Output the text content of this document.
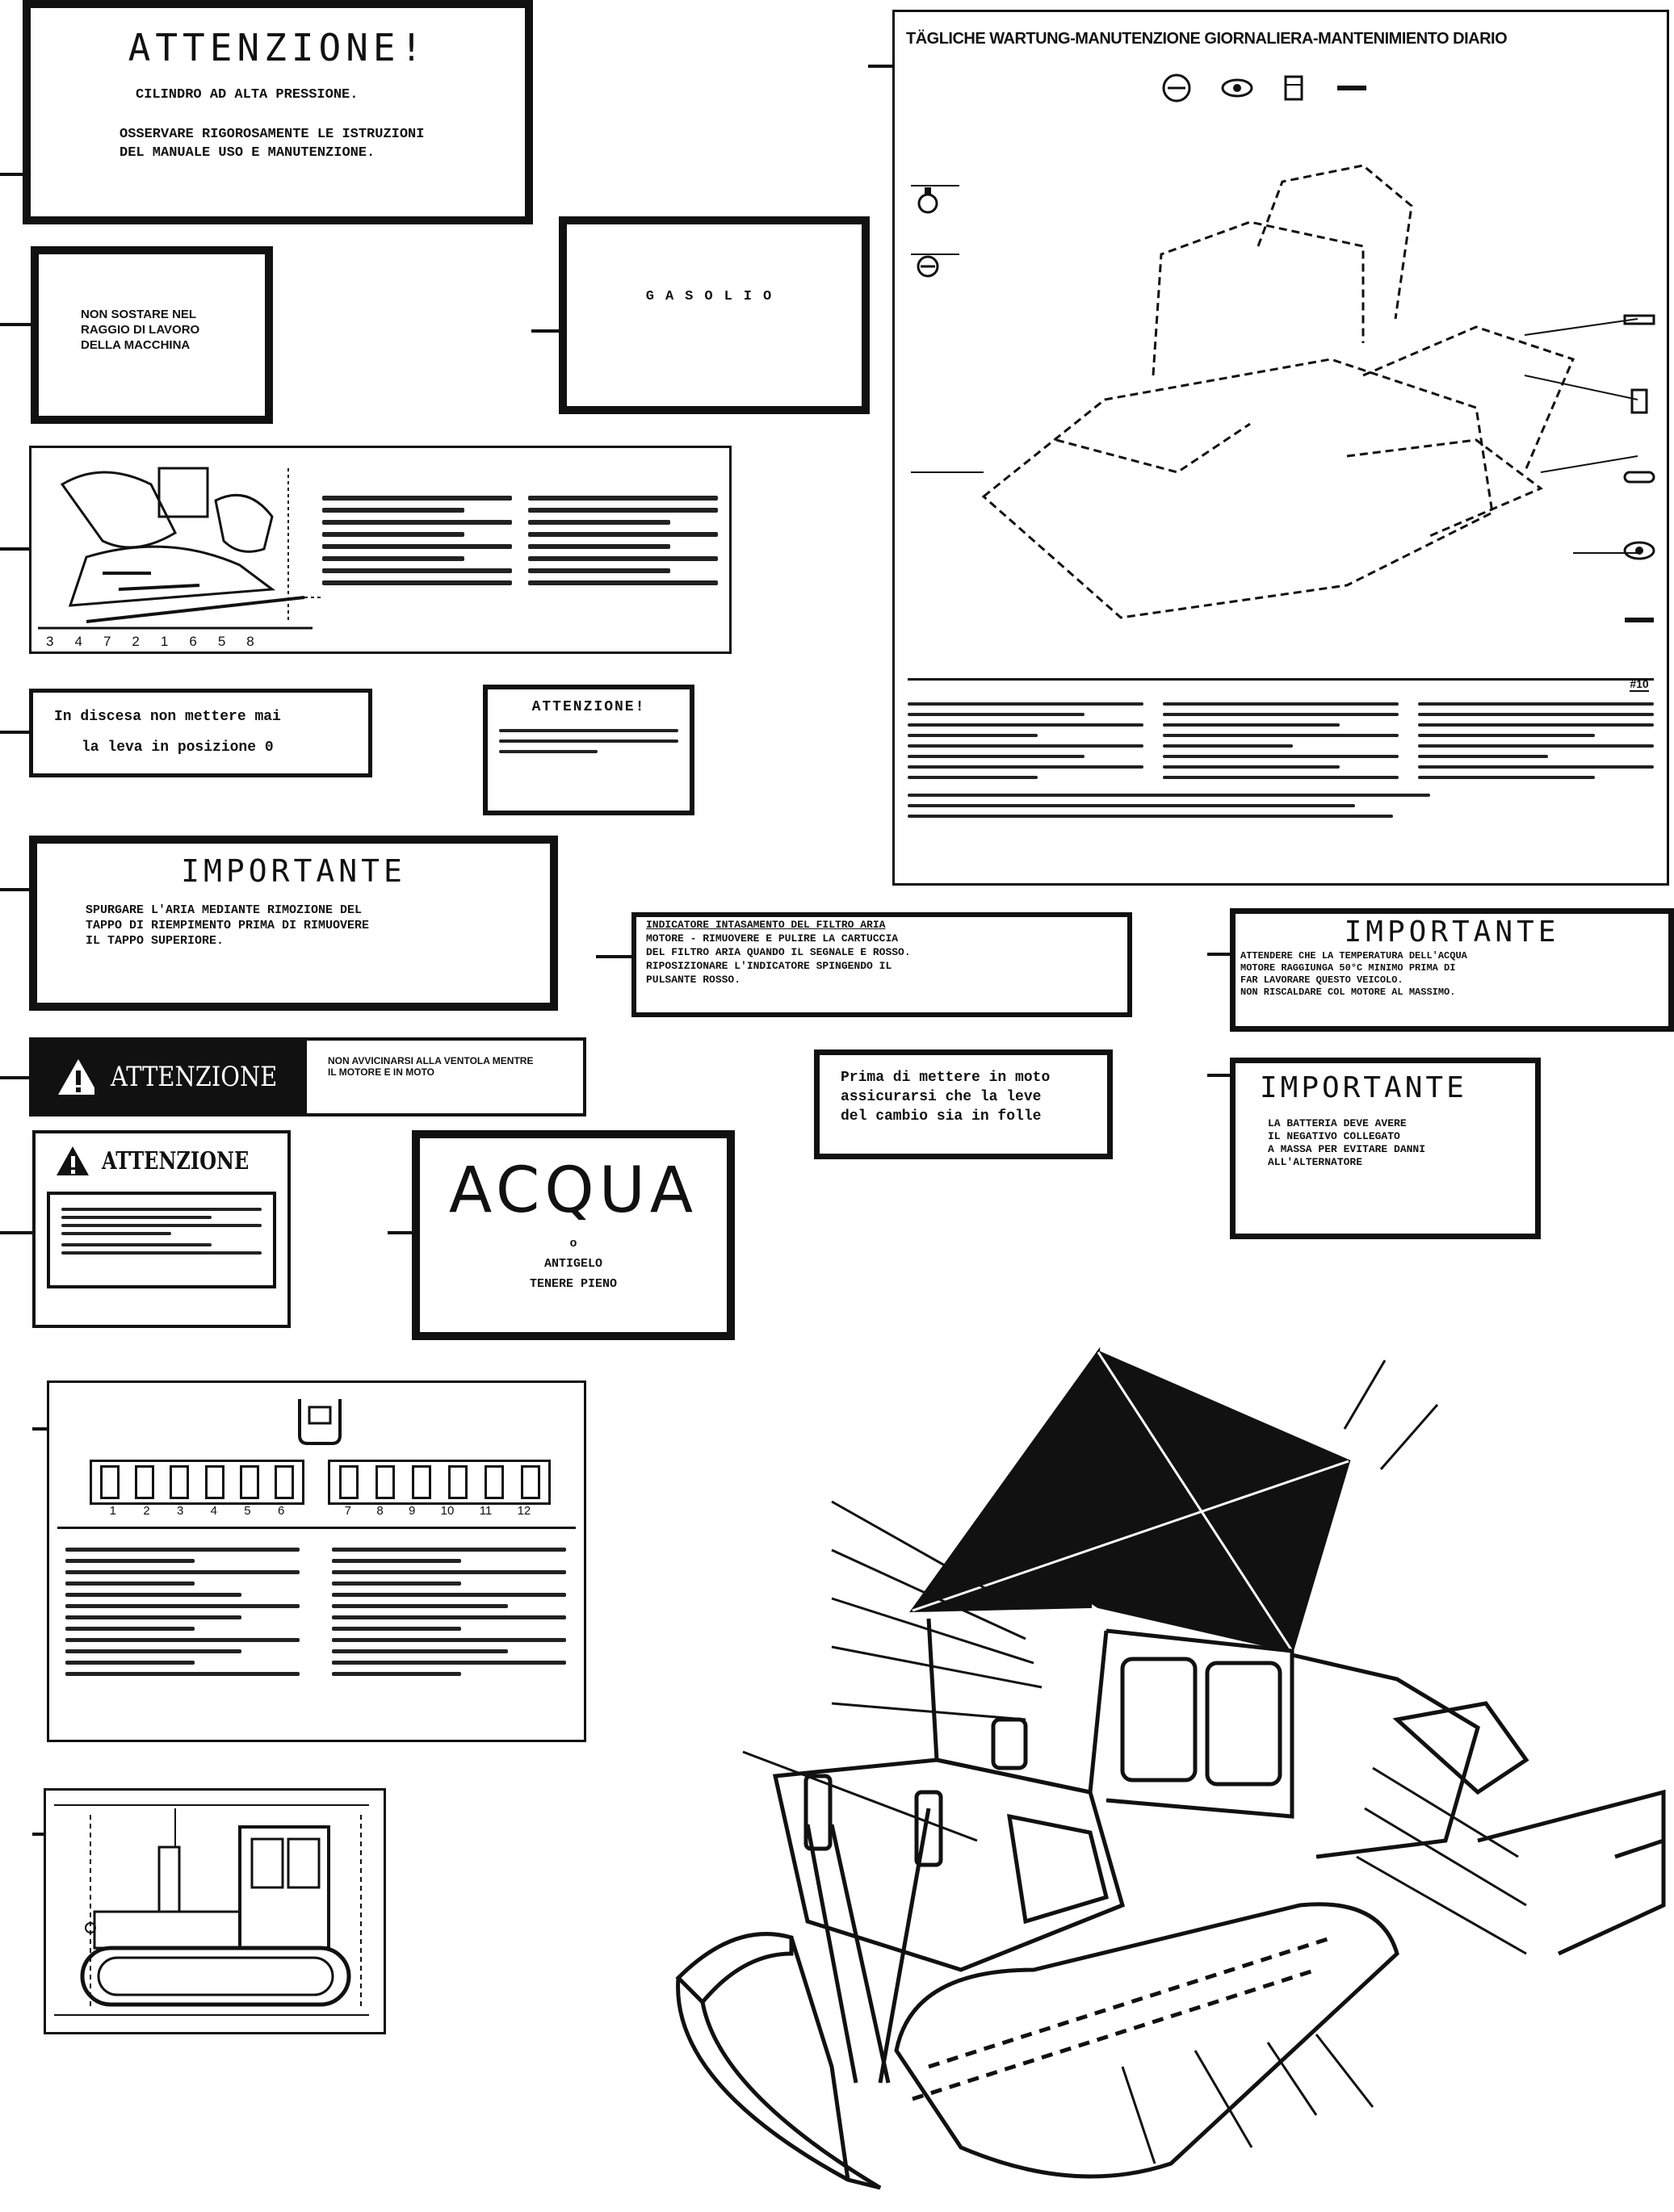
ATTENZIONE!
CILINDRO AD ALTA PRESSIONE.
OSSERVARE RIGOROSAMENTE LE ISTRUZIONI
DEL MANUALE USO E MANUTENZIONE.
NON SOSTARE NEL
RAGGIO DI LAVORO
DELLA MACCHINA
GASOLIO
3 4 7 2 1 6 5 8
In discesa non mettere mai
la leva in posizione 0
ATTENZIONE!
IMPORTANTE
SPURGARE L'ARIA MEDIANTE RIMOZIONE DEL
TAPPO DI RIEMPIMENTO PRIMA DI RIMUOVERE
IL TAPPO SUPERIORE.
ATTENZIONE	NON AVVICINARSI ALLA VENTOLA MENTRE
IL MOTORE E IN MOTO	Prima di mettere in moto
assicurarsi che la leve
del cambio sia in folle
INDICATORE INTASAMENTO DEL FILTRO ARIA
MOTORE - RIMUOVERE E PULIRE LA CARTUCCIA
DEL FILTRO ARIA QUANDO IL SEGNALE E ROSSO.
RIPOSIZIONARE L'INDICATORE SPINGENDO IL
PULSANTE ROSSO.
IMPORTANTE
ATTENDERE CHE LA TEMPERATURA DELL'ACQUA
MOTORE RAGGIUNGA 50°C MINIMO PRIMA DI
FAR LAVORARE QUESTO VEICOLO.
NON RISCALDARE COL MOTORE AL MASSIMO.
IMPORTANTE
LA BATTERIA DEVE AVERE
IL NEGATIVO COLLEGATO
A MASSA PER EVITARE DANNI
ALL'ALTERNATORE
ATTENZIONE	ACQUA
o
ANTIGELO
TENERE PIENO
1 2 3 4 5 6	7 8 9 10 11 12
TÄGLICHE WARTUNG-MANUTENZIONE GIORNALIERA-MANTENIMIENTO DIARIO
#10
